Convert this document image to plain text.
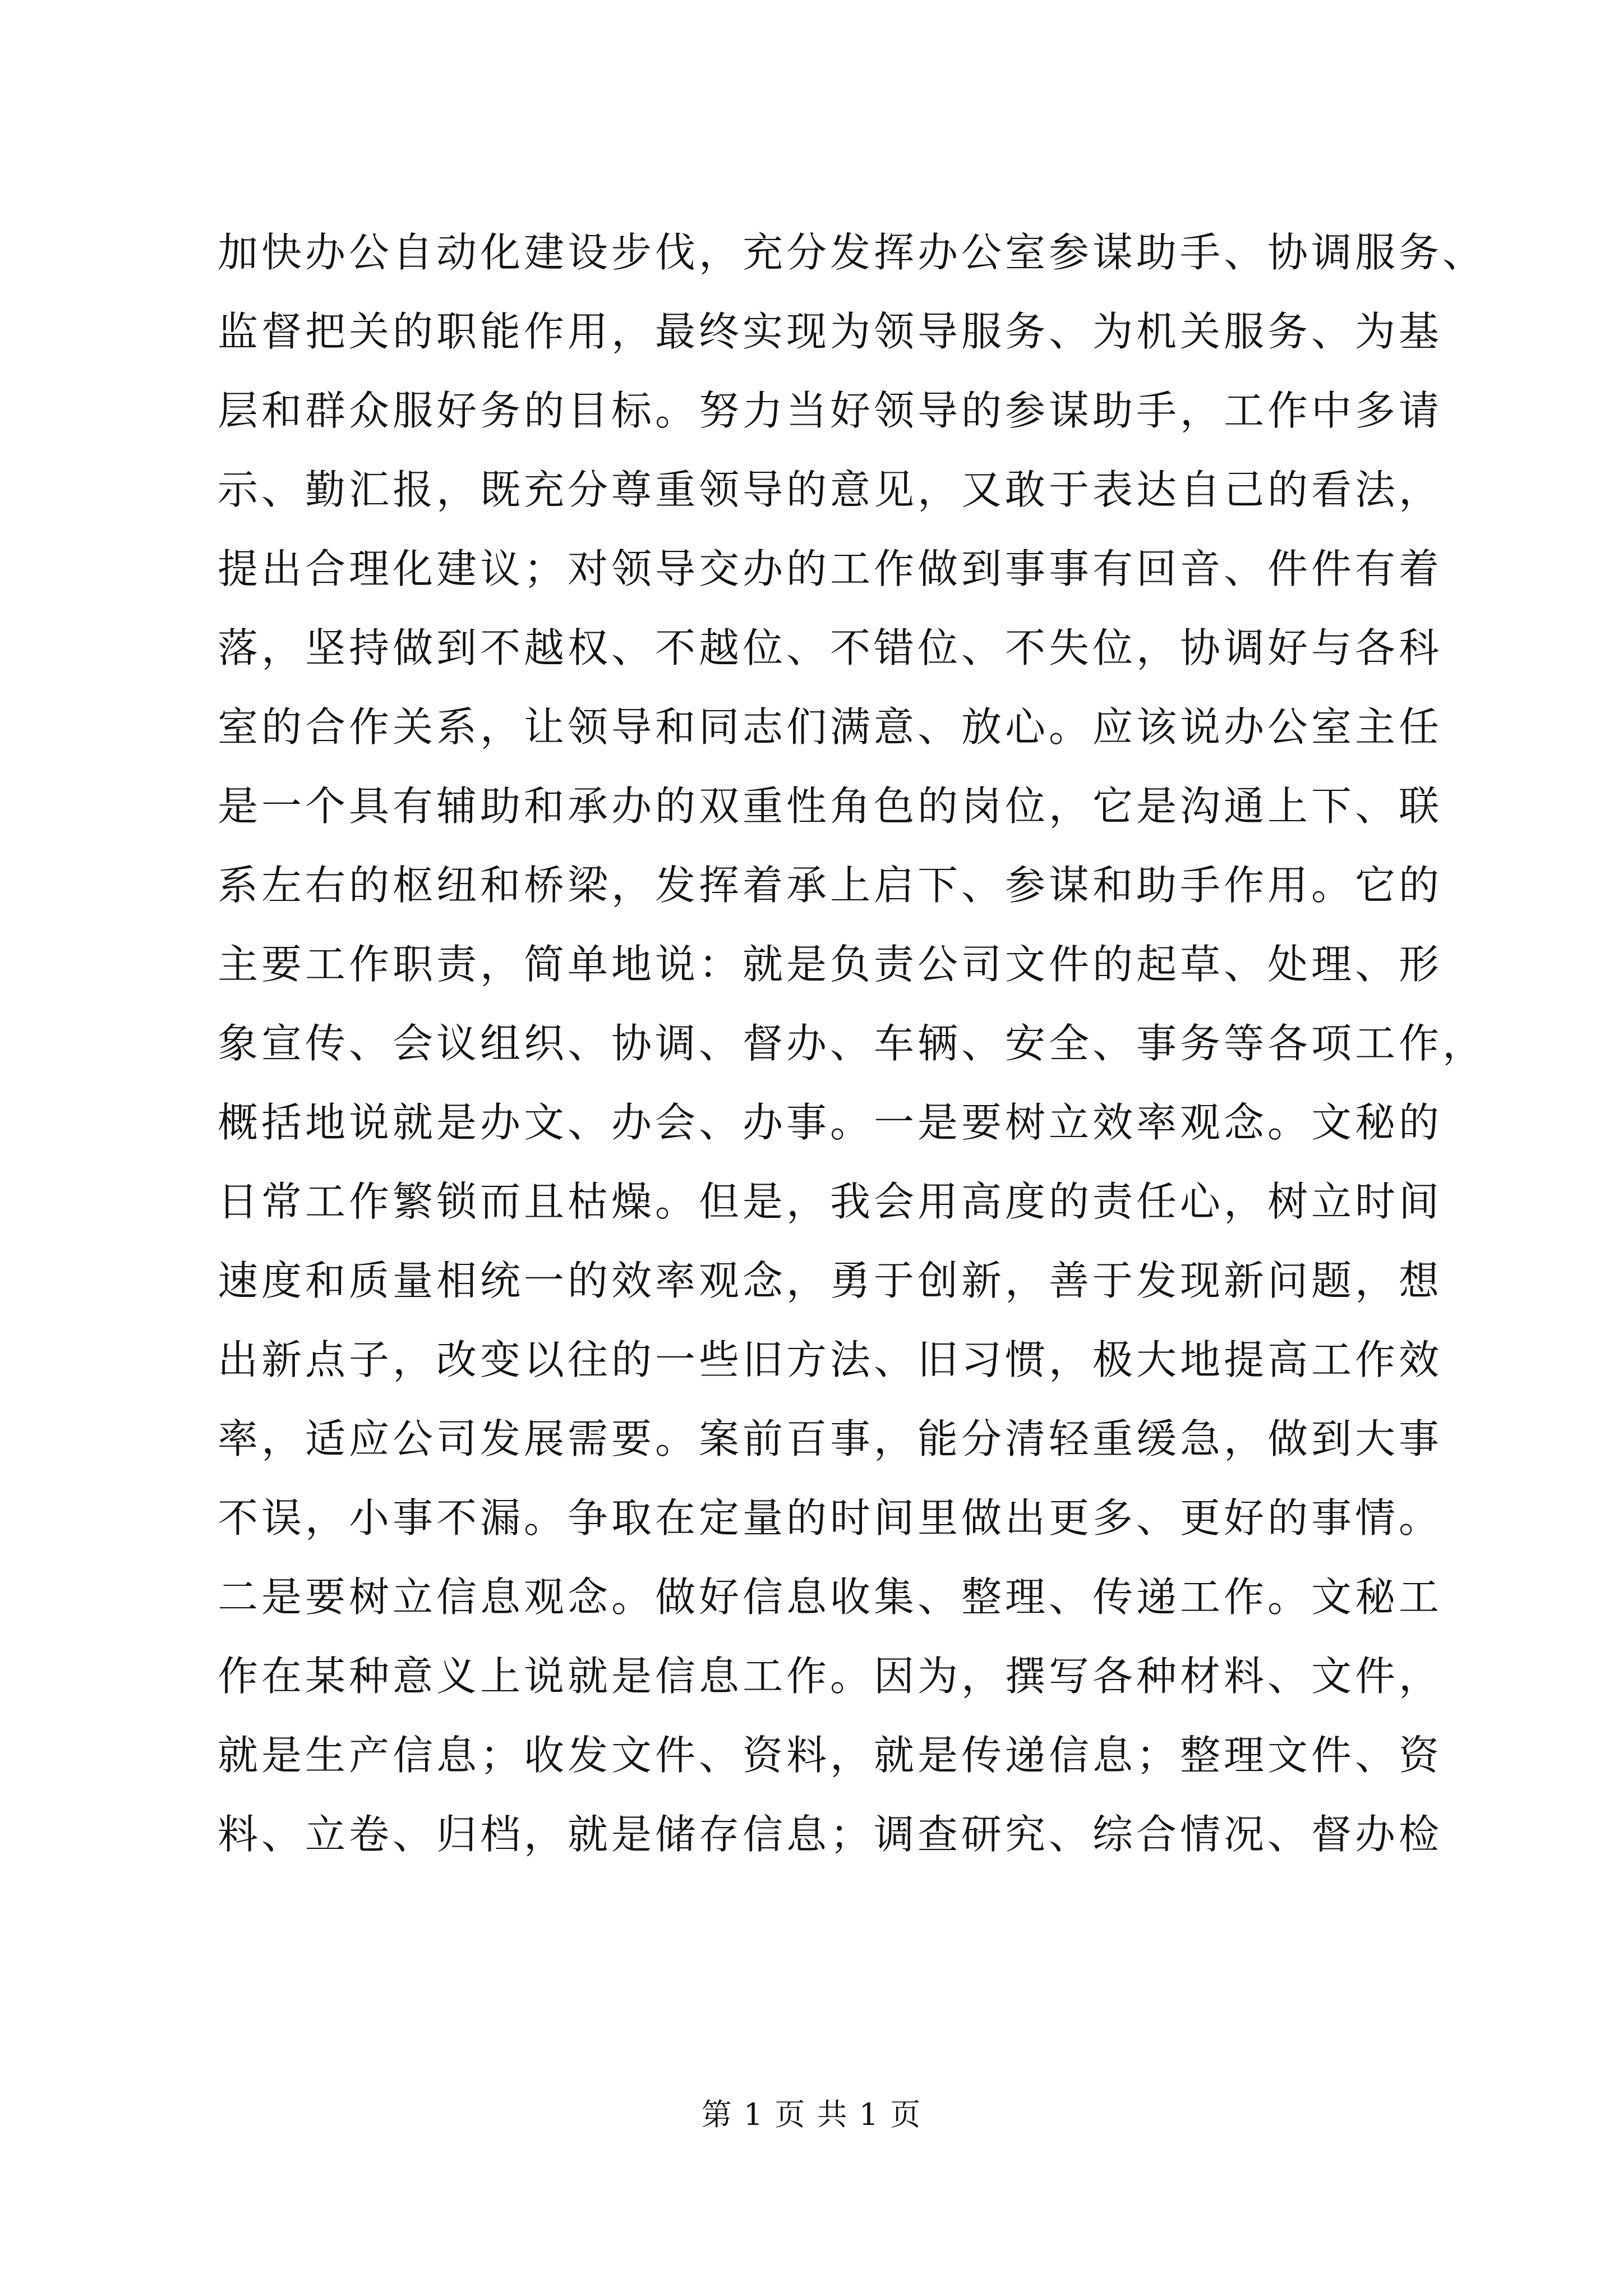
加快办公自动化建设步伐，充分发挥办公室参谋助手、协调服务、
监督把关的职能作用，最终实现为领导服务、为机关服务、为基
层和群众服好务的目标。努力当好领导的参谋助手，工作中多请
示、勤汇报，既充分尊重领导的意见，又敢于表达自己的看法，
提出合理化建议；对领导交办的工作做到事事有回音、件件有着
落，坚持做到不越权、不越位、不错位、不失位，协调好与各科
室的合作关系，让领导和同志们满意、放心。应该说办公室主任
是一个具有辅助和承办的双重性角色的岗位，它是沟通上下、联
系左右的枢纽和桥梁，发挥着承上启下、参谋和助手作用。它的
主要工作职责，简单地说：就是负责公司文件的起草、处理、形
象宣传、会议组织、协调、督办、车辆、安全、事务等各项工作，
概括地说就是办文、办会、办事。一是要树立效率观念。文秘的
日常工作繁锁而且枯燥。但是，我会用高度的责任心，树立时间
速度和质量相统一的效率观念，勇于创新，善于发现新问题，想
出新点子，改变以往的一些旧方法、旧习惯，极大地提高工作效
率，适应公司发展需要。案前百事，能分清轻重缓急，做到大事
不误，小事不漏。争取在定量的时间里做出更多、更好的事情。
二是要树立信息观念。做好信息收集、整理、传递工作。文秘工
作在某种意义上说就是信息工作。因为，撰写各种材料、文件，
就是生产信息；收发文件、资料，就是传递信息；整理文件、资
料、立卷、归档，就是储存信息；调查研究、综合情况、督办检
第 1 页 共 1 页
